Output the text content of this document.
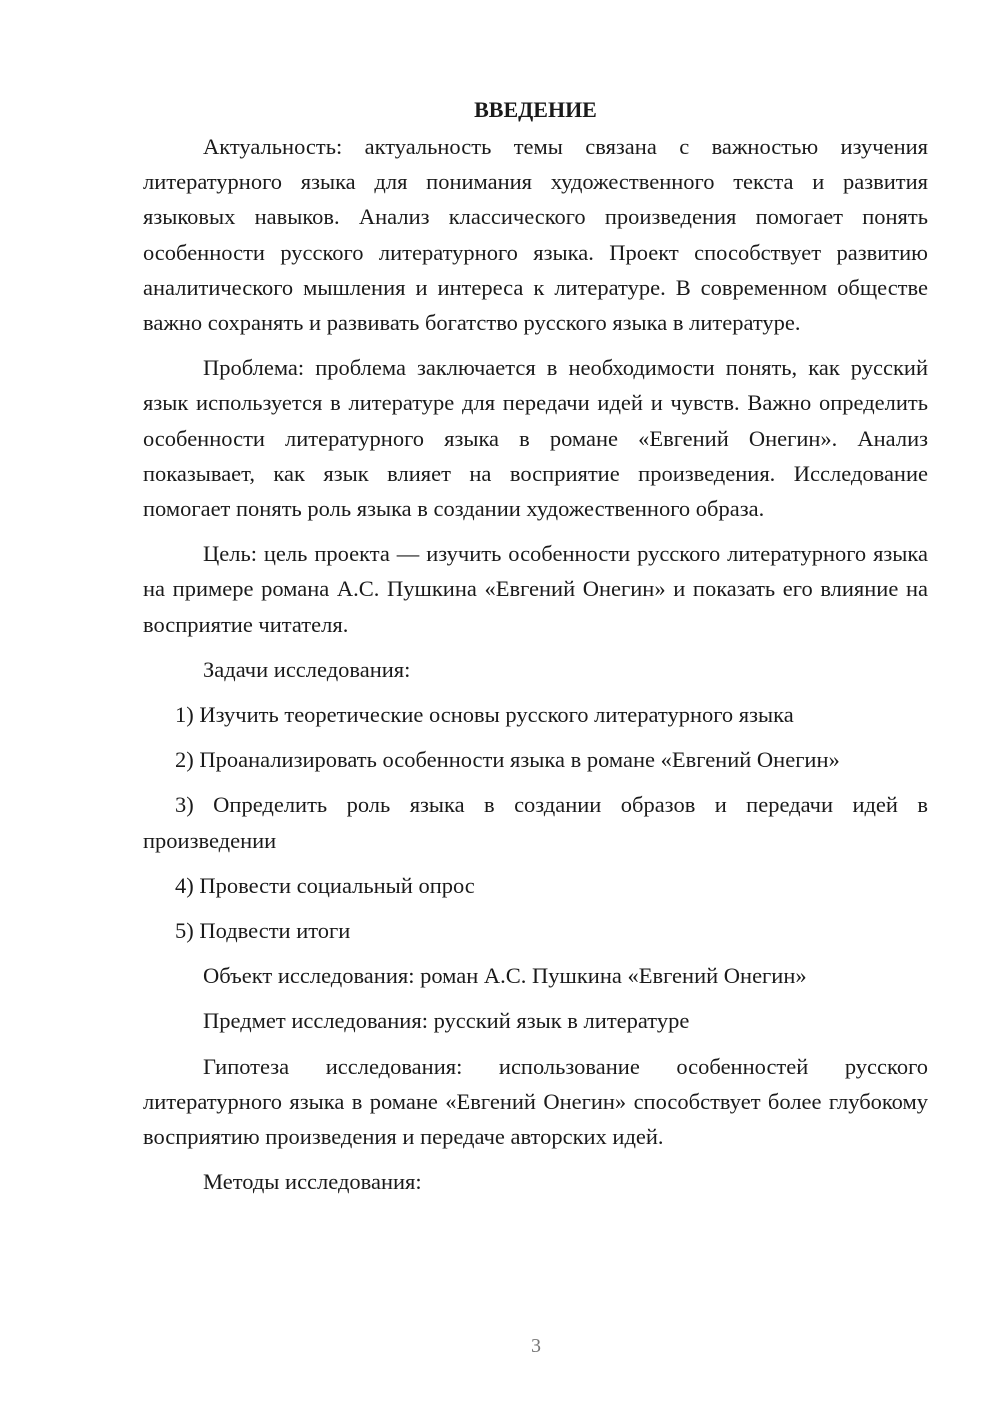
ВВЕДЕНИЕ

Актуальность: актуальность темы связана с важностью изучения литературного языка для понимания художественного текста и развития языковых навыков. Анализ классического произведения помогает понять особенности русского литературного языка. Проект способствует развитию аналитического мышления и интереса к литературе. В современном обществе важно сохранять и развивать богатство русского языка в литературе.

Проблема: проблема заключается в необходимости понять, как русский язык используется в литературе для передачи идей и чувств. Важно определить особенности литературного языка в романе «Евгений Онегин». Анализ показывает, как язык влияет на восприятие произведения. Исследование помогает понять роль языка в создании художественного образа.

Цель: цель проекта — изучить особенности русского литературного языка на примере романа А.С. Пушкина «Евгений Онегин» и показать его влияние на восприятие читателя.

Задачи исследования:

1) Изучить теоретические основы русского литературного языка

2) Проанализировать особенности языка в романе «Евгений Онегин»

3) Определить роль языка в создании образов и передачи идей в произведении

4) Провести социальный опрос

5) Подвести итоги

Объект исследования: роман А.С. Пушкина «Евгений Онегин»

Предмет исследования: русский язык в литературе

Гипотеза исследования: использование особенностей русского литературного языка в романе «Евгений Онегин» способствует более глубокому восприятию произведения и передаче авторских идей.

Методы исследования:

3
